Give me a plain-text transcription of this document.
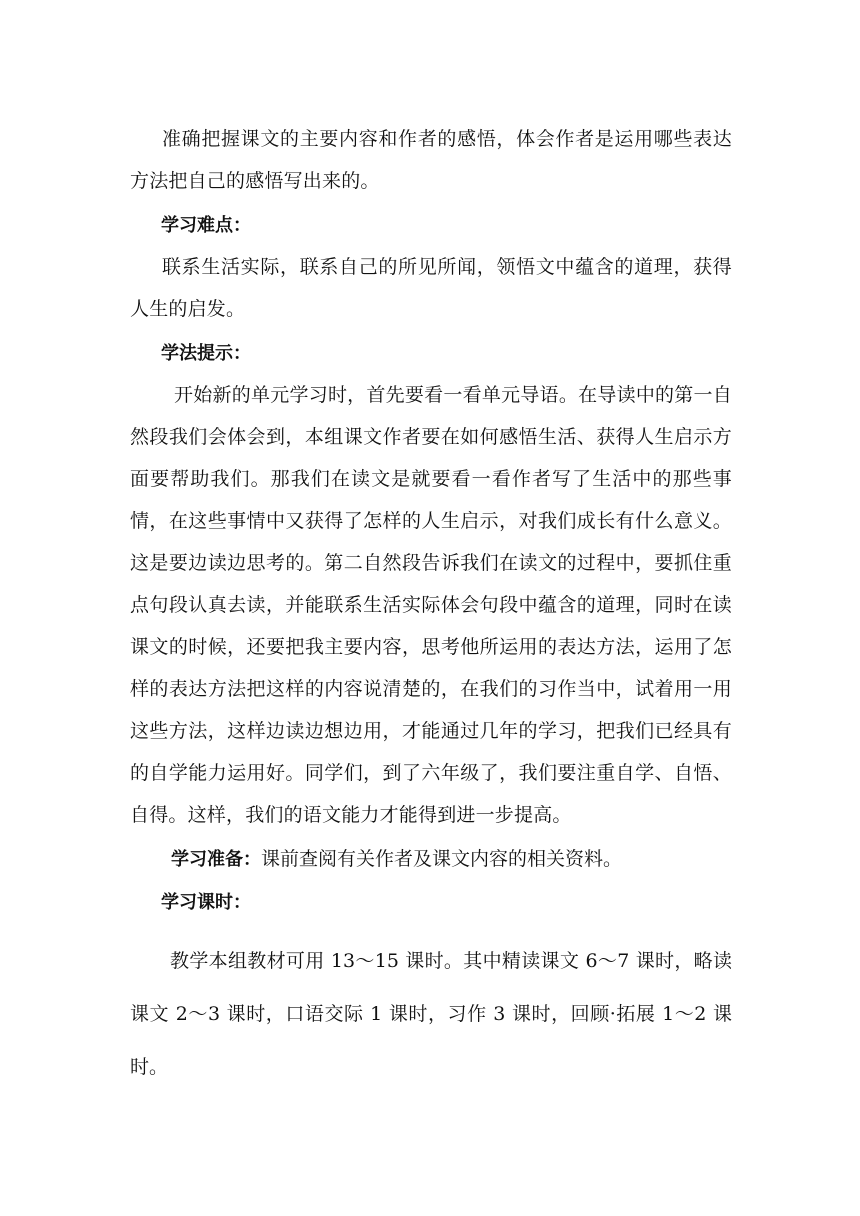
准确把握课文的主要内容和作者的感悟，体会作者是运用哪些表达方法把自己的感悟写出来的。

学习难点：

联系生活实际，联系自己的所见所闻，领悟文中蕴含的道理，获得人生的启发。

学法提示：

开始新的单元学习时，首先要看一看单元导语。在导读中的第一自然段我们会体会到，本组课文作者要在如何感悟生活、获得人生启示方面要帮助我们。那我们在读文是就要看一看作者写了生活中的那些事情，在这些事情中又获得了怎样的人生启示，对我们成长有什么意义。 这是要边读边思考的。第二自然段告诉我们在读文的过程中，要抓住重点句段认真去读，并能联系生活实际体会句段中蕴含的道理，同时在读课文的时候，还要把我主要内容，思考他所运用的表达方法，运用了怎样的表达方法把这样的内容说清楚的，在我们的习作当中，试着用一用这些方法，这样边读边想边用，才能通过几年的学习，把我们已经具有的自学能力运用好。同学们，到了六年级了，我们要注重自学、自悟、自得。这样，我们的语文能力才能得到进一步提高。

学习准备：课前查阅有关作者及课文内容的相关资料。

学习课时：

教学本组教材可用 13～15 课时。其中精读课文 6～7 课时，略读课文 2～3 课时，口语交际 1 课时，习作 3 课时，回顾·拓展 1～2 课时。
